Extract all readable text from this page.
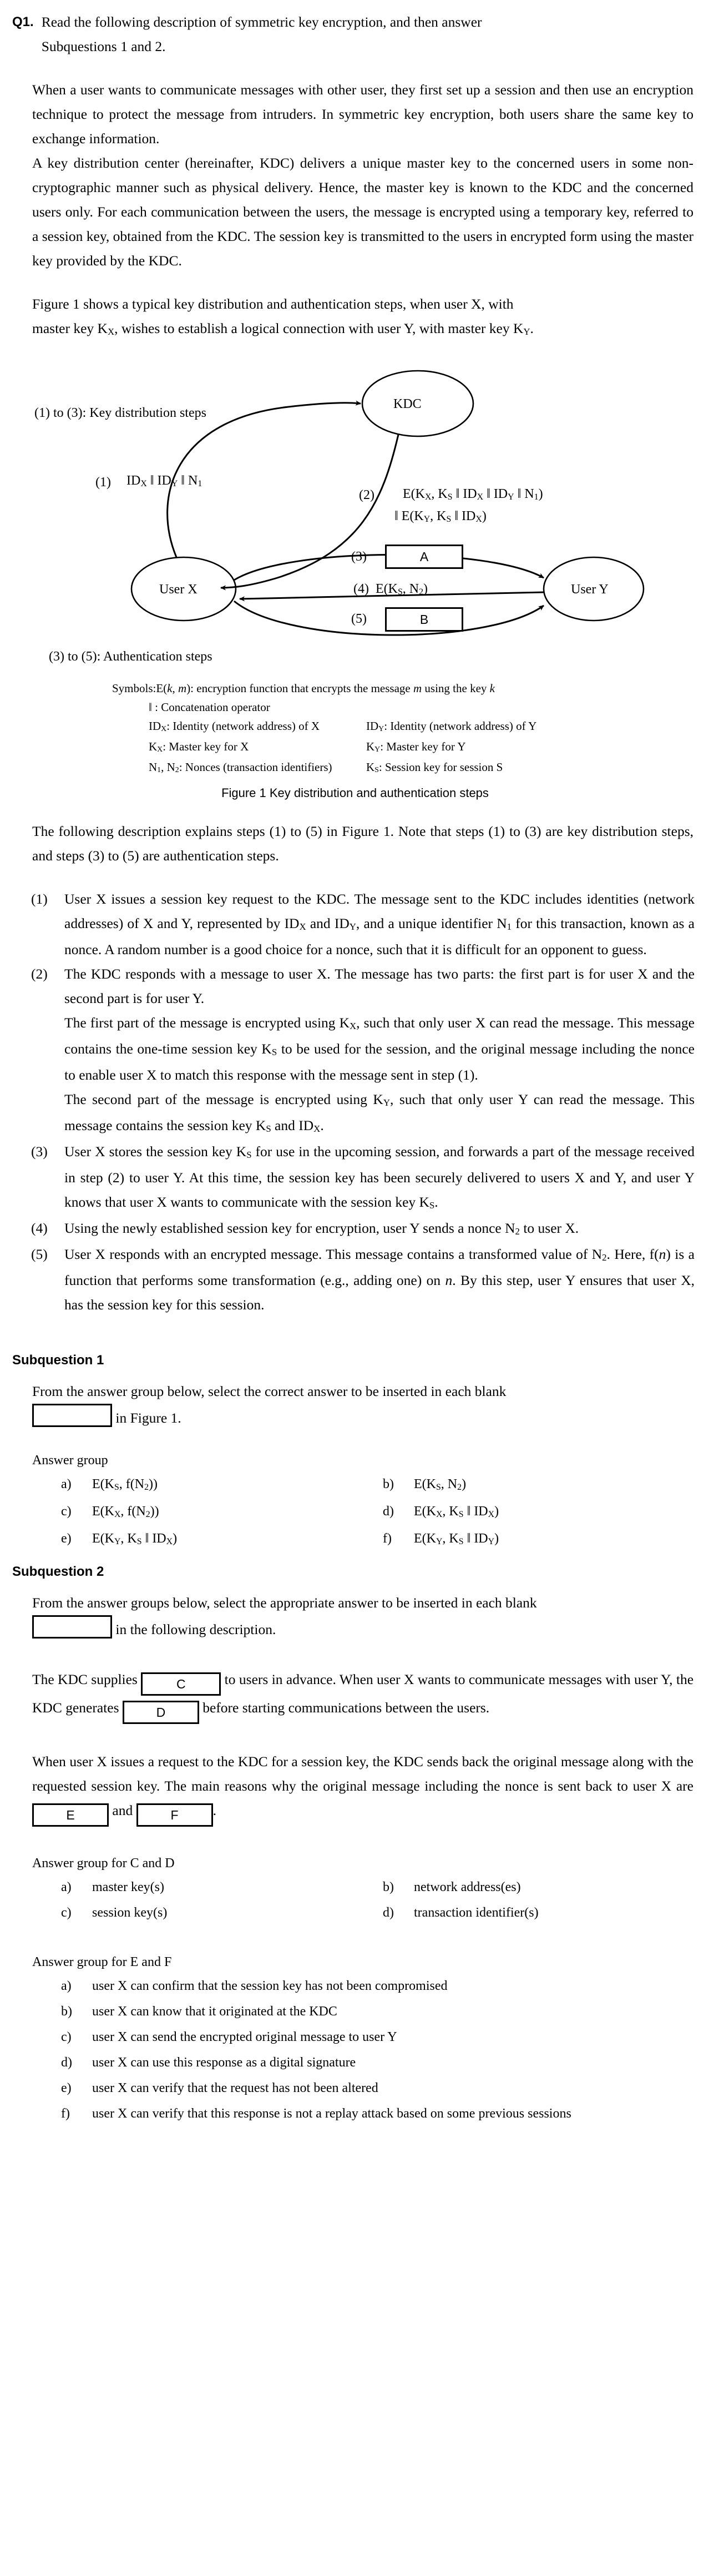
Q1. Read the following description of symmetric key encryption, and then answer
Subquestions 1 and 2.

When a user wants to communicate messages with other user, they first set up a session and then use an encryption technique to protect the message from intruders. In symmetric key encryption, both users share the same key to exchange information.

A key distribution center (hereinafter, KDC) delivers a unique master key to the concerned users in some non-cryptographic manner such as physical delivery. Hence, the master key is known to the KDC and the concerned users only. For each communication between the users, the message is encrypted using a temporary key, referred to a session key, obtained from the KDC. The session key is transmitted to the users in encrypted form using the master key provided by the KDC.

Figure 1 shows a typical key distribution and authentication steps, when user X, with

master key $K_X$, wishes to establish a logical connection with user Y, with master key $K_Y$.

KDC
User X	User Y
(1) to (3): Key distribution steps
(1) $ID_X$ ‖ $ID_Y$ ‖ $N_1$
(2) $E(K_X$, $K_S$ ‖ $ID_X$ ‖ $ID_Y$ ‖ $N_1$)
‖ $E(K_Y$, $K_S$ ‖ $ID_X$)
(3)	A
(4) $E(K_S$, $N_2$)
(5)	B
(3) to (5): Authentication steps
Symbols: E(k, m): encryption function that encrypts the message m using the key k
‖ : Concatenation operator
$ID_X$: Identity (network address) of X	$ID_Y$: Identity (network address) of Y
$K_X$: Master key for X	$K_Y$: Master key for Y
$N_1$, $N_2$: Nonces (transaction identifiers)	$K_S$: Session key for session S
Figure 1 Key distribution and authentication steps

The following description explains steps (1) to (5) in Figure 1. Note that steps (1) to (3) are key distribution steps, and steps (3) to (5) are authentication steps.

(1)	User X issues a session key request to the KDC. The message sent to the KDC includes identities (network addresses) of X and Y, represented by $ID_X$ and $ID_Y$, and a unique identifier $N_1$ for this transaction, known as a nonce. A random number is a good choice for a nonce, such that it is difficult for an opponent to guess.

(2)	The KDC responds with a message to user X. The message has two parts: the first part is for user X and the second part is for user Y.

The first part of the message is encrypted using $K_X$, such that only user X can read the message. This message contains the one-time session key $K_S$ to be used for the session, and the original message including the nonce to enable user X to match this response with the message sent in step (1).

The second part of the message is encrypted using $K_Y$, such that only user Y can read the message. This message contains the session key $K_S$ and $ID_X$.

(3)	User X stores the session key $K_S$ for use in the upcoming session, and forwards a part of the message received in step (2) to user Y. At this time, the session key has been securely delivered to users X and Y, and user Y knows that user X wants to communicate with the session key $K_S$.

(4)	Using the newly established session key for encryption, user Y sends a nonce $N_2$ to user X.

(5)	User X responds with an encrypted message. This message contains a transformed value of $N_2$. Here, f(n) is a function that performs some transformation (e.g., adding one) on n. By this step, user Y ensures that user X, has the session key for this session.

Subquestion 1
From the answer group below, select the correct answer to be inserted in each blank
in Figure 1.
Answer group
a)	$E(K_S$, $f(N_2)$)	b)	$E(K_S$, $N_2$)
c)	$E(K_X$, $f(N_2)$)	d)	$E(K_X$, $K_S$ ‖ $ID_X$)
e)	$E(K_Y$, $K_S$ ‖ $ID_X$)	f)	$E(K_Y$, $K_S$ ‖ $ID_Y$)
Subquestion 2
From the answer groups below, select the appropriate answer to be inserted in each blank
in the following description.
The KDC supplies	C	to users in advance. When user X wants to communicate messages with user Y, the KDC generates	D	before starting communications between the users.
When user X issues a request to the KDC for a session key, the KDC sends back the original message along with the requested session key. The main reasons why the original message including the nonce is sent back to user X are E	and	F .
Answer group for C and D
a)	master key(s)	b)	network address(es)
c)	session key(s)	d)	transaction identifier(s)
Answer group for E and F
a)	user X can confirm that the session key has not been compromised
b)	user X can know that it originated at the KDC
c)	user X can send the encrypted original message to user Y
d)	user X can use this response as a digital signature
e)	user X can verify that the request has not been altered
f)	user X can verify that this response is not a replay attack based on some previous sessions
